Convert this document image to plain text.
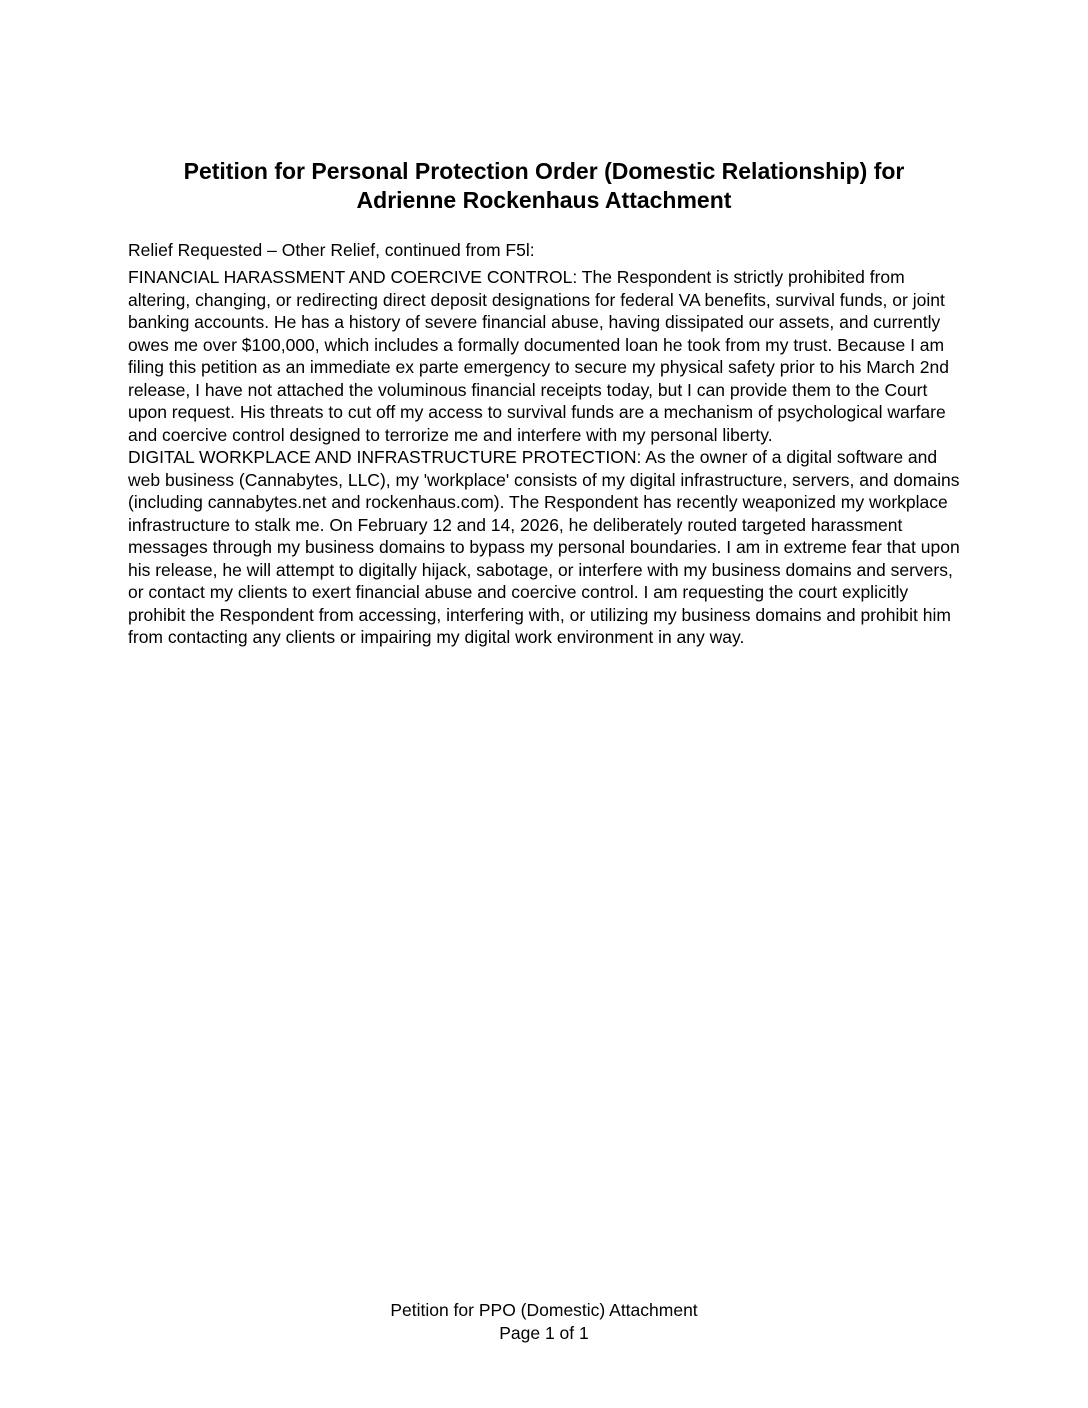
Petition for Personal Protection Order (Domestic Relationship) for
Adrienne Rockenhaus Attachment
Relief Requested – Other Relief, continued from F5l:

FINANCIAL HARASSMENT AND COERCIVE CONTROL: The Respondent is strictly prohibited from altering, changing, or redirecting direct deposit designations for federal VA benefits, survival funds, or joint banking accounts. He has a history of severe financial abuse, having dissipated our assets, and currently owes me over $100,000, which includes a formally documented loan he took from my trust. Because I am filing this petition as an immediate ex parte emergency to secure my physical safety prior to his March 2nd release, I have not attached the voluminous financial receipts today, but I can provide them to the Court upon request. His threats to cut off my access to survival funds are a mechanism of psychological warfare and coercive control designed to terrorize me and interfere with my personal liberty.

DIGITAL WORKPLACE AND INFRASTRUCTURE PROTECTION: As the owner of a digital software and web business (Cannabytes, LLC), my 'workplace' consists of my digital infrastructure, servers, and domains (including cannabytes.net and rockenhaus.com). The Respondent has recently weaponized my workplace infrastructure to stalk me. On February 12 and 14, 2026, he deliberately routed targeted harassment messages through my business domains to bypass my personal boundaries. I am in extreme fear that upon his release, he will attempt to digitally hijack, sabotage, or interfere with my business domains and servers, or contact my clients to exert financial abuse and coercive control. I am requesting the court explicitly prohibit the Respondent from accessing, interfering with, or utilizing my business domains and prohibit him from contacting any clients or impairing my digital work environment in any way.

Petition for PPO (Domestic) Attachment
Page 1 of 1
